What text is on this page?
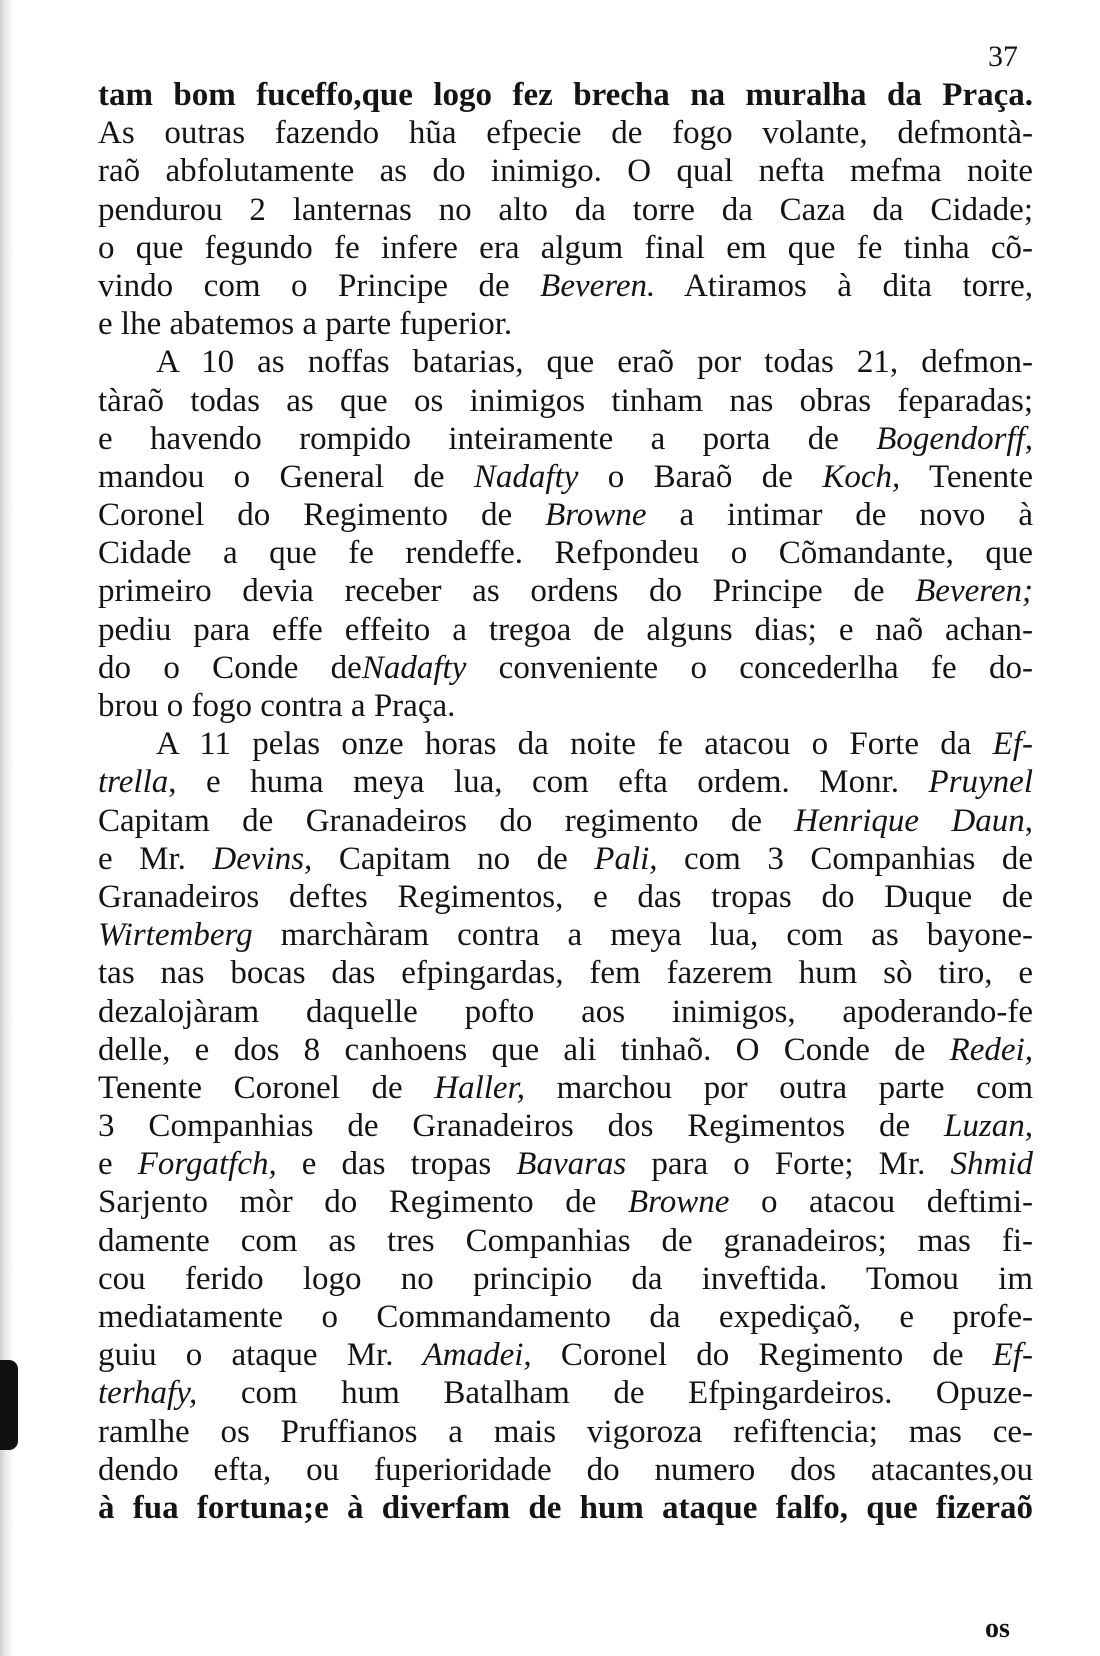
37

tam bom fuceffo,que logo fez brecha na muralha da Praça.
As outras fazendo hũa efpecie de fogo volante, defmontà-
raõ abfolutamente as do inimigo. O qual nefta mefma noite
pendurou 2 lanternas no alto da torre da Caza da Cidade;
o que fegundo fe infere era algum final em que fe tinha cõ-
vindo com o Principe de Beveren. Atiramos à dita torre,
e lhe abatemos a parte fuperior.
A 10 as noffas batarias, que eraõ por todas 21, defmon-
tàraõ todas as que os inimigos tinham nas obras feparadas;
e havendo rompido inteiramente a porta de Bogendorff,
mandou o General de Nadafty o Baraõ de Koch, Tenente
Coronel do Regimento de Browne a intimar de novo à
Cidade a que fe rendeffe. Refpondeu o Cõmandante, que
primeiro devia receber as ordens do Principe de Beveren;
pediu para effe effeito a tregoa de alguns dias; e naõ achan-
do o Conde deNadafty conveniente o concederlha fe do-
brou o fogo contra a Praça.
A 11 pelas onze horas da noite fe atacou o Forte da Ef-
trella, e huma meya lua, com efta ordem. Monr. Pruynel
Capitam de Granadeiros do regimento de Henrique Daun,
e Mr. Devins, Capitam no de Pali, com 3 Companhias de
Granadeiros deftes Regimentos, e das tropas do Duque de
Wirtemberg marchàram contra a meya lua, com as bayone-
tas nas bocas das efpingardas, fem fazerem hum sò tiro, e
dezalojàram daquelle pofto aos inimigos, apoderando-fe
delle, e dos 8 canhoens que ali tinhaõ. O Conde de Redei,
Tenente Coronel de Haller, marchou por outra parte com
3 Companhias de Granadeiros dos Regimentos de Luzan,
e Forgatfch, e das tropas Bavaras para o Forte; Mr. Shmid
Sarjento mòr do Regimento de Browne o atacou deftimi-
damente com as tres Companhias de granadeiros; mas fi-
cou ferido logo no principio da inveftida. Tomou im
mediatamente o Commandamento da expediçaõ, e profe-
guiu o ataque Mr. Amadei, Coronel do Regimento de Ef-
terhafy, com hum Batalham de Efpingardeiros. Opuze-
ramlhe os Pruffianos a mais vigoroza refiftencia; mas ce-
dendo efta, ou fuperioridade do numero dos atacantes,ou
à fua fortuna;e à diverfam de hum ataque falfo, que fizeraõ

os
